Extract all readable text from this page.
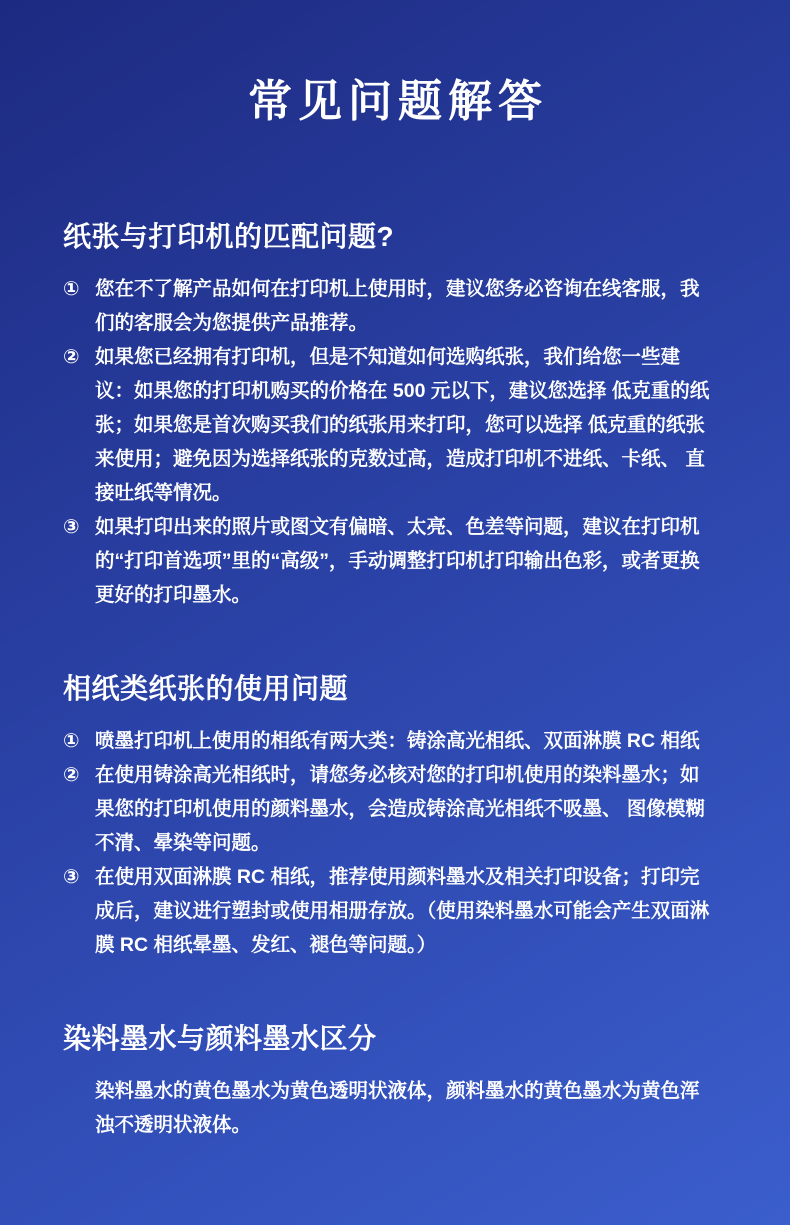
常见问题解答
纸张与打印机的匹配问题?
① 您在不了解产品如何在打印机上使用时，建议您务必咨询在线客服，我们的客服会为您提供产品推荐。

② 如果您已经拥有打印机，但是不知道如何选购纸张，我们给您一些建议：如果您的打印机购买的价格在 500 元以下，建议您选择 低克重的纸张；如果您是首次购买我们的纸张用来打印，您可以选择 低克重的纸张来使用；避免因为选择纸张的克数过高，造成打印机不进纸、卡纸、 直接吐纸等情况。

③ 如果打印出来的照片或图文有偏暗、太亮、色差等问题，建议在打印机的“打印首选项”里的“高级”，手动调整打印机打印输出色彩，或者更换更好的打印墨水。

相纸类纸张的使用问题
① 喷墨打印机上使用的相纸有两大类：铸涂高光相纸、双面淋膜 RC 相纸

② 在使用铸涂高光相纸时，请您务必核对您的打印机使用的染料墨水；如果您的打印机使用的颜料墨水，会造成铸涂高光相纸不吸墨、 图像模糊不清、晕染等问题。

③ 在使用双面淋膜 RC 相纸，推荐使用颜料墨水及相关打印设备；打印完成后，建议进行塑封或使用相册存放。（使用染料墨水可能会产生双面淋膜 RC 相纸晕墨、发红、褪色等问题。）

染料墨水与颜料墨水区分

染料墨水的黄色墨水为黄色透明状液体，颜料墨水的黄色墨水为黄色浑浊不透明状液体。
